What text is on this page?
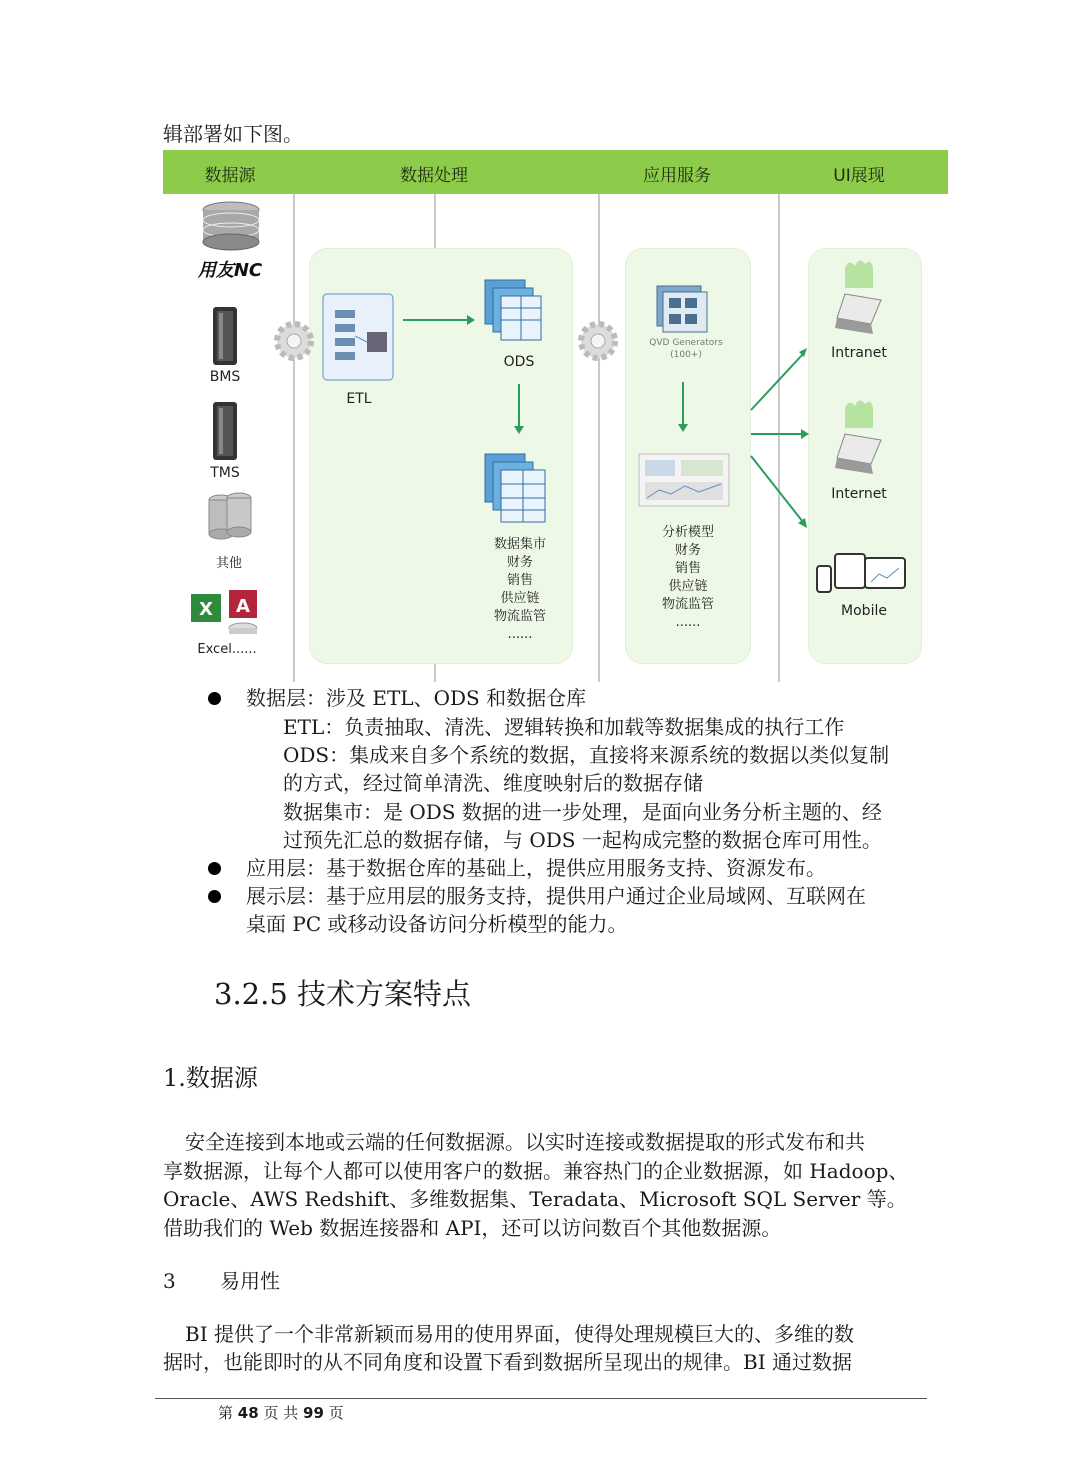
辑部署如下图。
数据源	数据处理	应用服务	UI展现
用友NC
BMS
TMS
其他
X A
Excel......
ETL
ODS
数据集市
财务
销售
供应链
物流监管
......
QVD Generators
(100+)
分析模型
财务
销售
供应链
物流监管
......
Intranet
Internet
Mobile
数据层：涉及 ETL、ODS 和数据仓库
ETL：负责抽取、清洗、逻辑转换和加载等数据集成的执行工作
ODS：集成来自多个系统的数据，直接将来源系统的数据以类似复制
的方式，经过简单清洗、维度映射后的数据存储
数据集市：是 ODS 数据的进一步处理，是面向业务分析主题的、经
过预先汇总的数据存储，与 ODS 一起构成完整的数据仓库可用性。
应用层：基于数据仓库的基础上，提供应用服务支持、资源发布。
展示层：基于应用层的服务支持，提供用户通过企业局域网、互联网在
桌面 PC 或移动设备访问分析模型的能力。
3.2.5 技术方案特点
1.数据源
安全连接到本地或云端的任何数据源。以实时连接或数据提取的形式发布和共
享数据源，让每个人都可以使用客户的数据。兼容热门的企业数据源，如 Hadoop、
Oracle、AWS Redshift、多维数据集、Teradata、Microsoft SQL Server 等。
借助我们的 Web 数据连接器和 API，还可以访问数百个其他数据源。
3 易用性
BI 提供了一个非常新颖而易用的使用界面，使得处理规模巨大的、多维的数
据时，也能即时的从不同角度和设置下看到数据所呈现出的规律。BI 通过数据
第 48 页 共 99 页
